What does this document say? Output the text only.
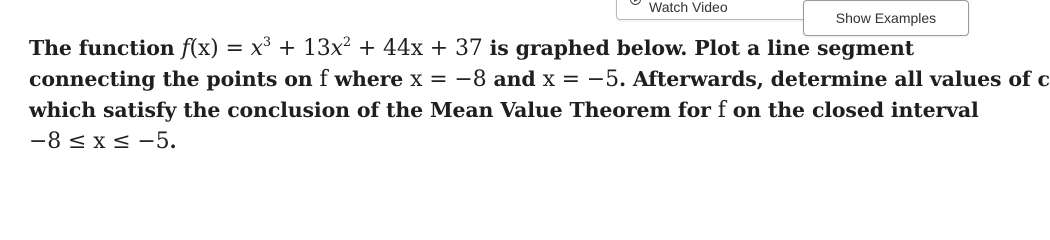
Watch Video
Show Examples
The function $f(x) = x^3 + 13x^2 + 44x + 37$ is graphed below. Plot a line segment
connecting the points on f where x = −8 and x = −5. Afterwards, determine all values of c
which satisfy the conclusion of the Mean Value Theorem for f on the closed interval
−8 ≤ x ≤ −5.
